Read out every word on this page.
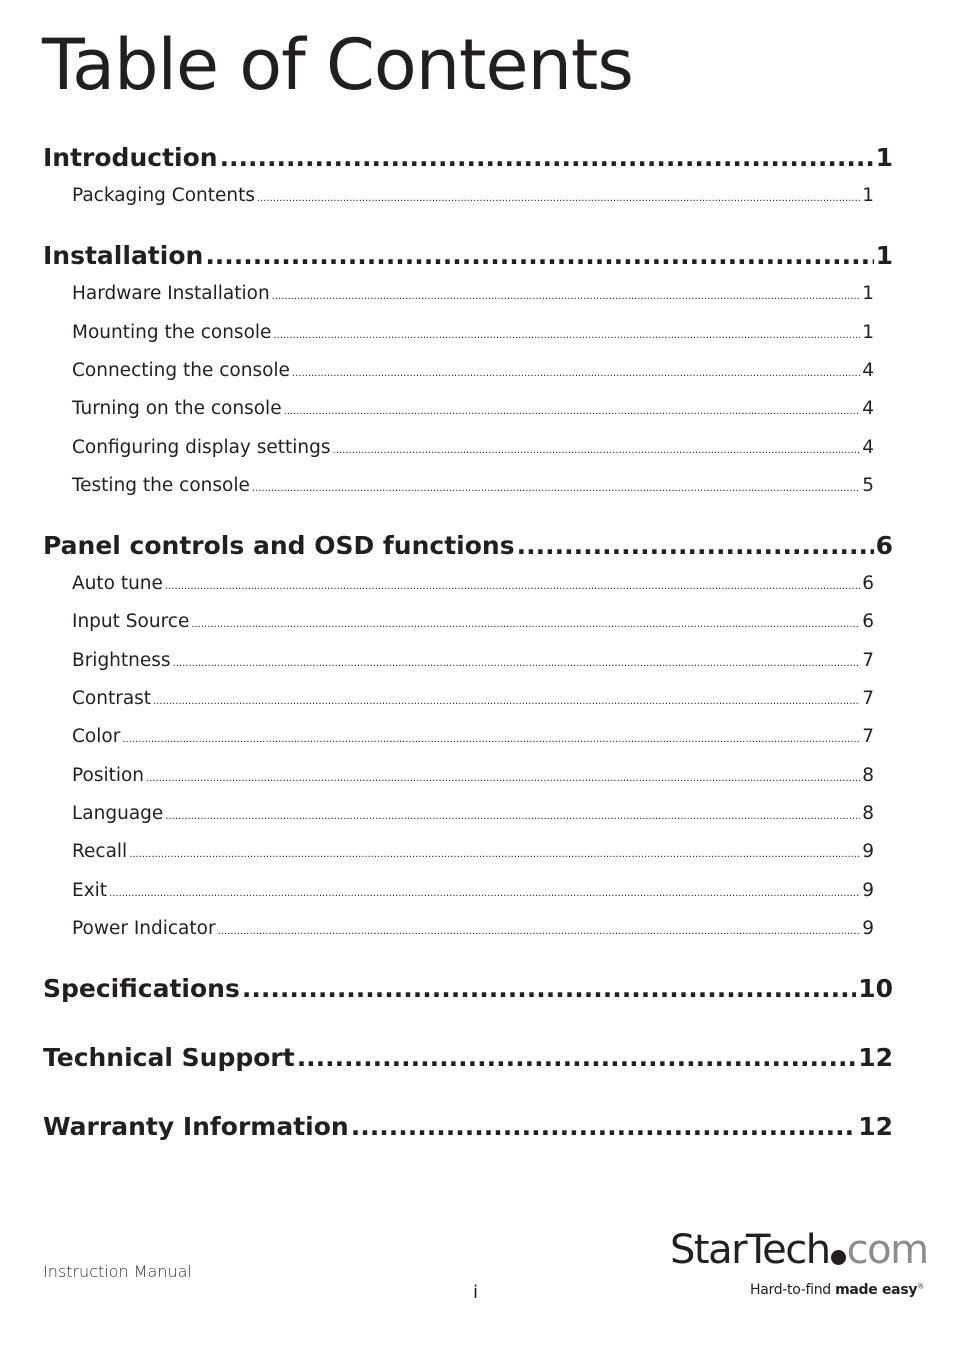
Table of Contents
Introduction .....	1
Packaging Contents .....	1
Installation .....	1
Hardware Installation .....	1
Mounting the console .....	1
Connecting the console .....	4
Turning on the console .....	4
Configuring display settings .....	4
Testing the console .....	5
Panel controls and OSD functions .....	6
Auto tune .....	6
Input Source .....	6
Brightness .....	7
Contrast .....	7
Color .....	7
Position .....	8
Language .....	8
Recall .....	9
Exit .....	9
Power Indicator .....	9
Specifications .....	10
Technical Support .....	12
Warranty Information .....	12
Instruction Manual
i
StarTech com
Hard-to-find made easy®
